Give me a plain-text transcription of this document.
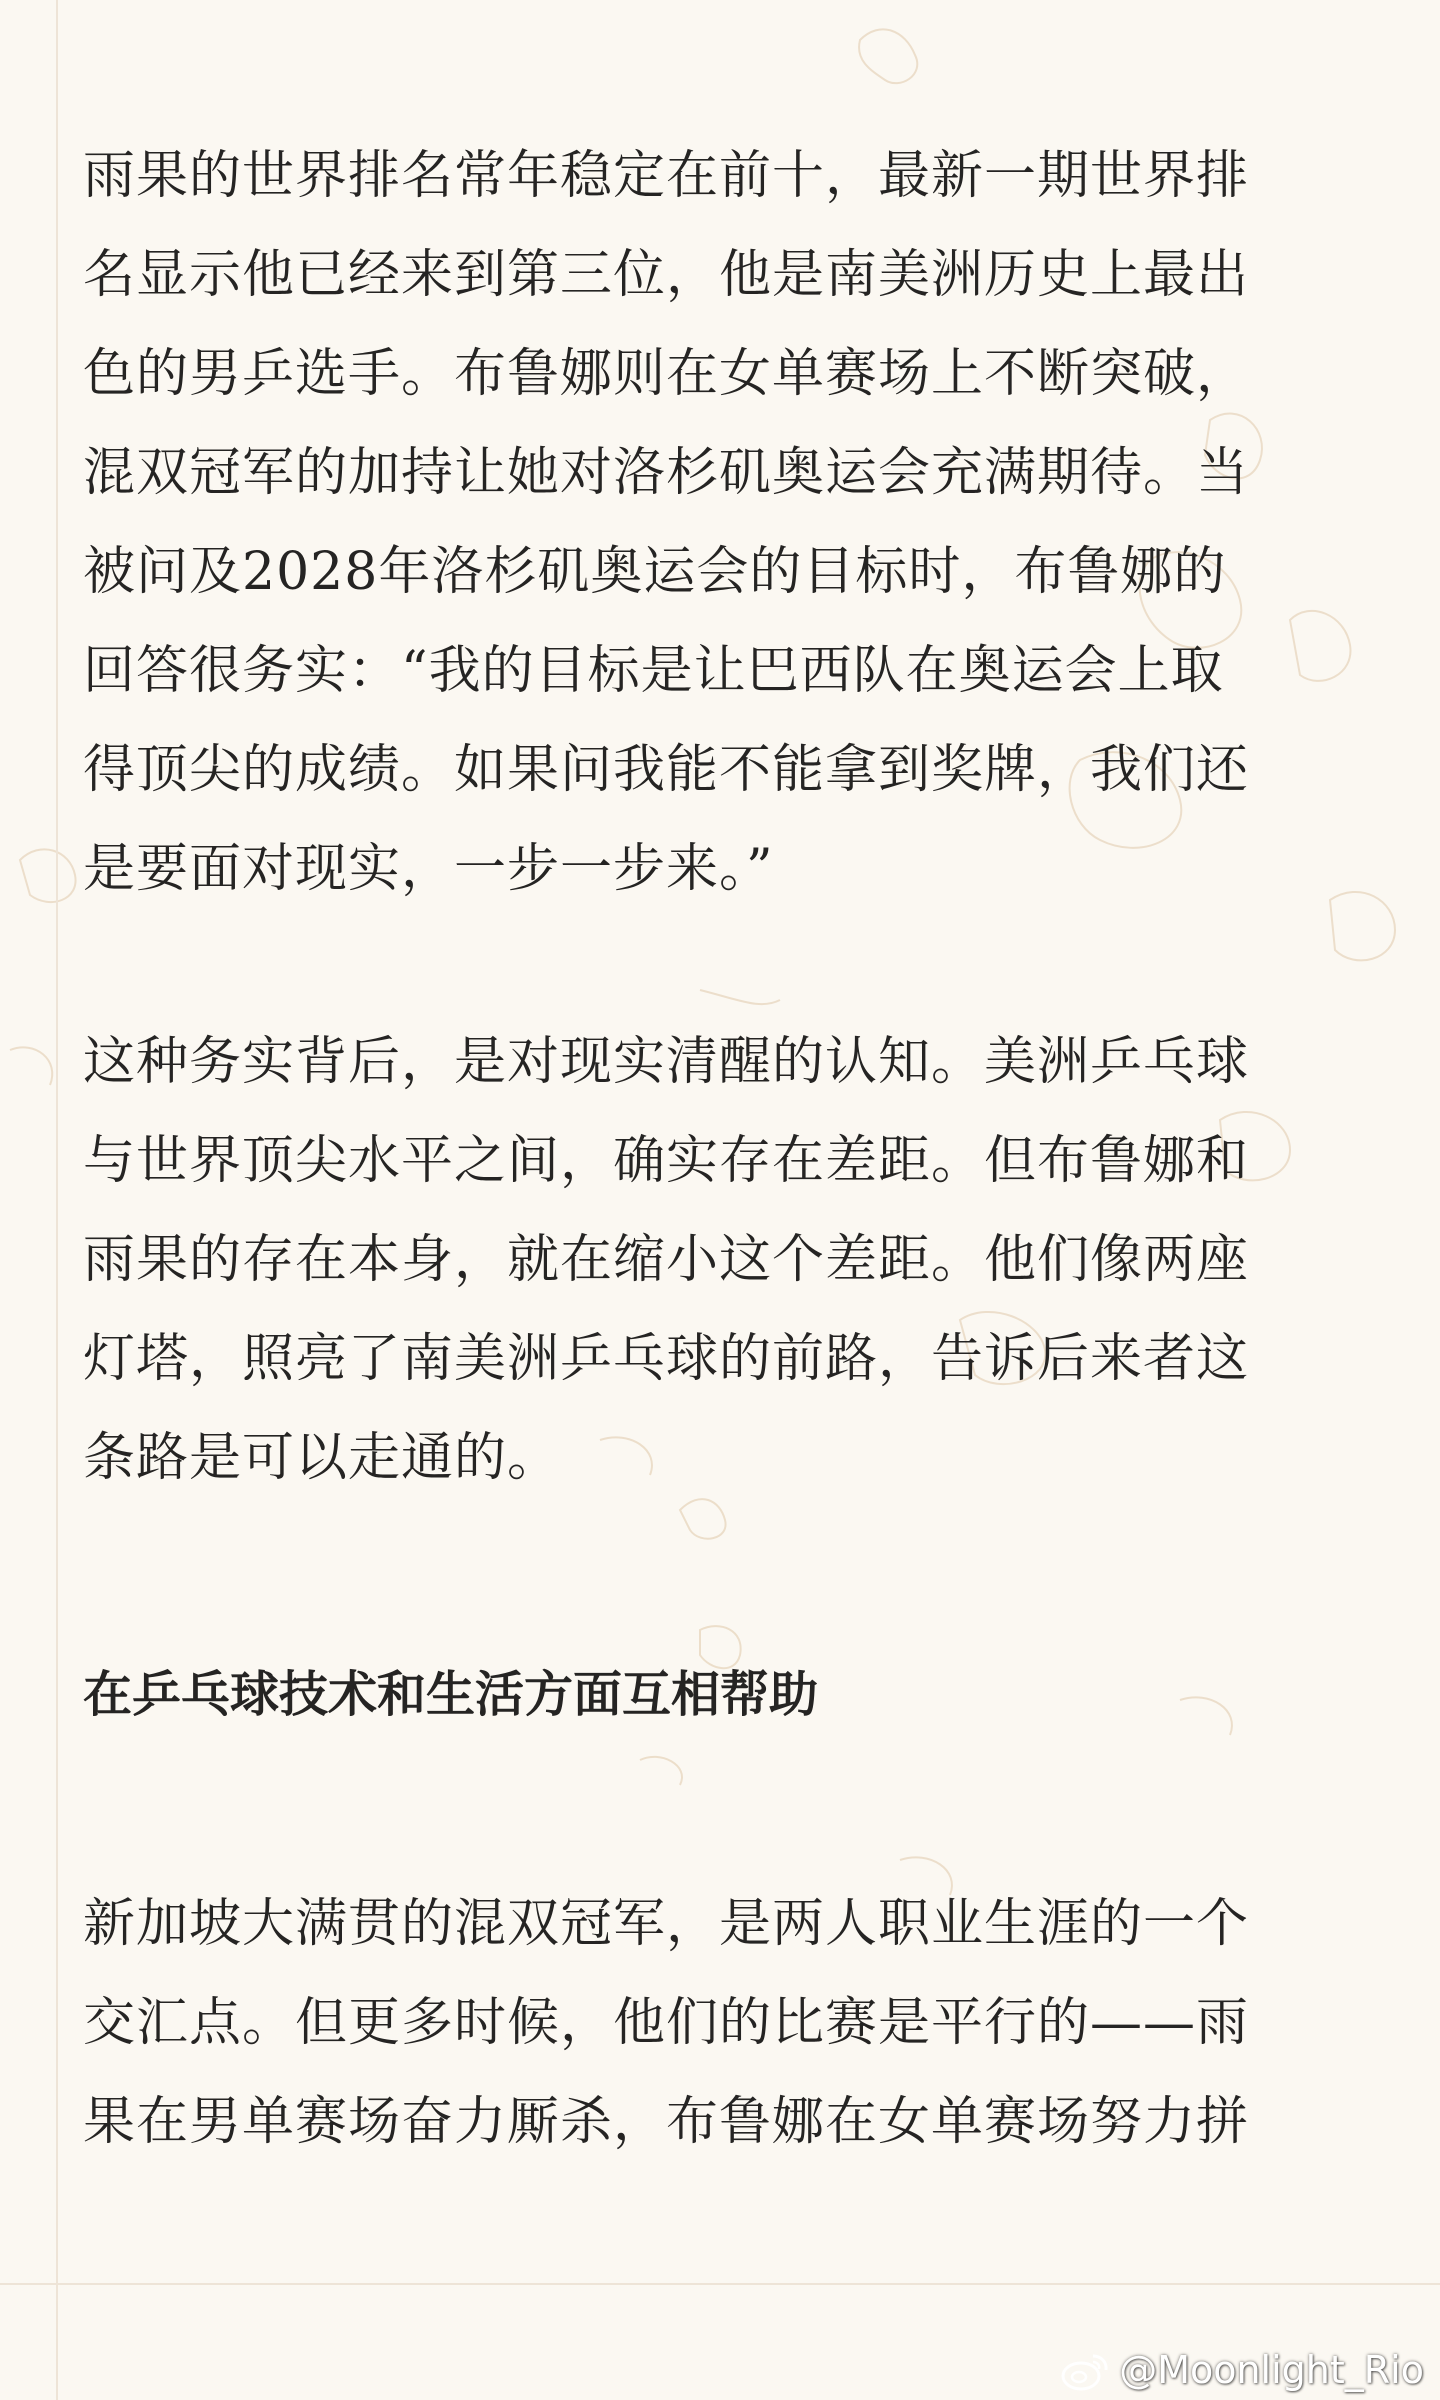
雨果的世界排名常年稳定在前十，最新一期世界排
名显示他已经来到第三位，他是南美洲历史上最出
色的男乒选手。布鲁娜则在女单赛场上不断突破，
混双冠军的加持让她对洛杉矶奥运会充满期待。当
被问及2028年洛杉矶奥运会的目标时，布鲁娜的
回答很务实：“我的目标是让巴西队在奥运会上取
得顶尖的成绩。如果问我能不能拿到奖牌，我们还
是要面对现实，一步一步来。”

这种务实背后，是对现实清醒的认知。美洲乒乓球
与世界顶尖水平之间，确实存在差距。但布鲁娜和
雨果的存在本身，就在缩小这个差距。他们像两座
灯塔，照亮了南美洲乒乓球的前路，告诉后来者这
条路是可以走通的。

在乒乓球技术和生活方面互相帮助

新加坡大满贯的混双冠军，是两人职业生涯的一个
交汇点。但更多时候，他们的比赛是平行的——雨
果在男单赛场奋力厮杀，布鲁娜在女单赛场努力拼

@Moonlight_Rio
